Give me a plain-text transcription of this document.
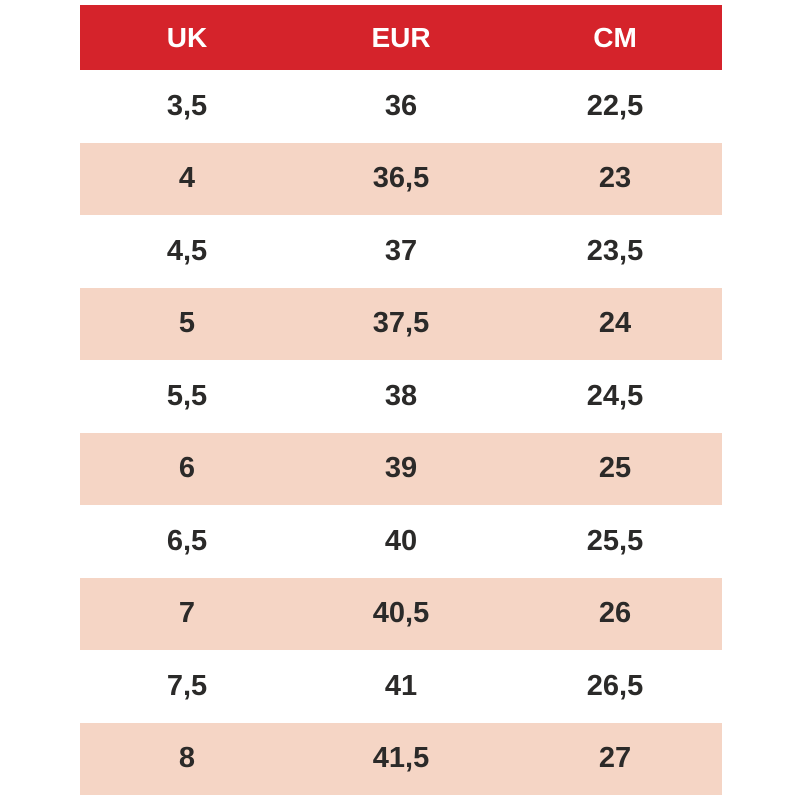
UK	EUR	CM
3,5	36	22,5
4	36,5	23
4,5	37	23,5
5	37,5	24
5,5	38	24,5
6	39	25
6,5	40	25,5
7	40,5	26
7,5	41	26,5
8	41,5	27
